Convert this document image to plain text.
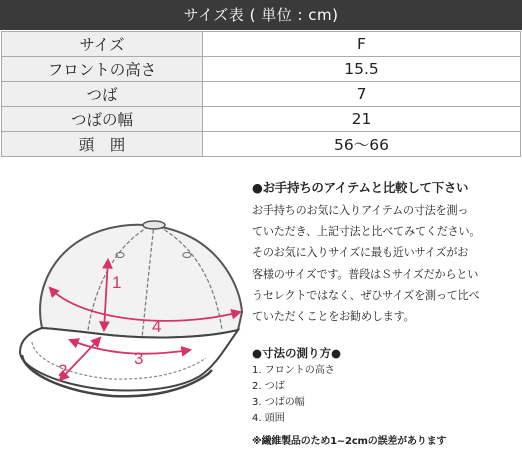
サイズ表 ( 単位 : cm)
サイズ	F
フロントの高さ	15.5
つば	7
つばの幅	21
頭　囲	56〜66
1
2
3
4

●お手持ちのアイテムと比較して下さい

お手持ちのお気に入りアイテムの寸法を測っ
ていただき、上記寸法と比べてみてください。
そのお気に入りサイズに最も近いサイズがお
客様のサイズです。普段はＳサイズだからとい
うセレクトではなく、ぜひサイズを測って比べ
ていただくことをお勧めします。

●寸法の測り方●

1. フロントの高さ
2. つば
3. つばの幅
4. 頭囲
※繊維製品のため1~2cmの誤差があります
